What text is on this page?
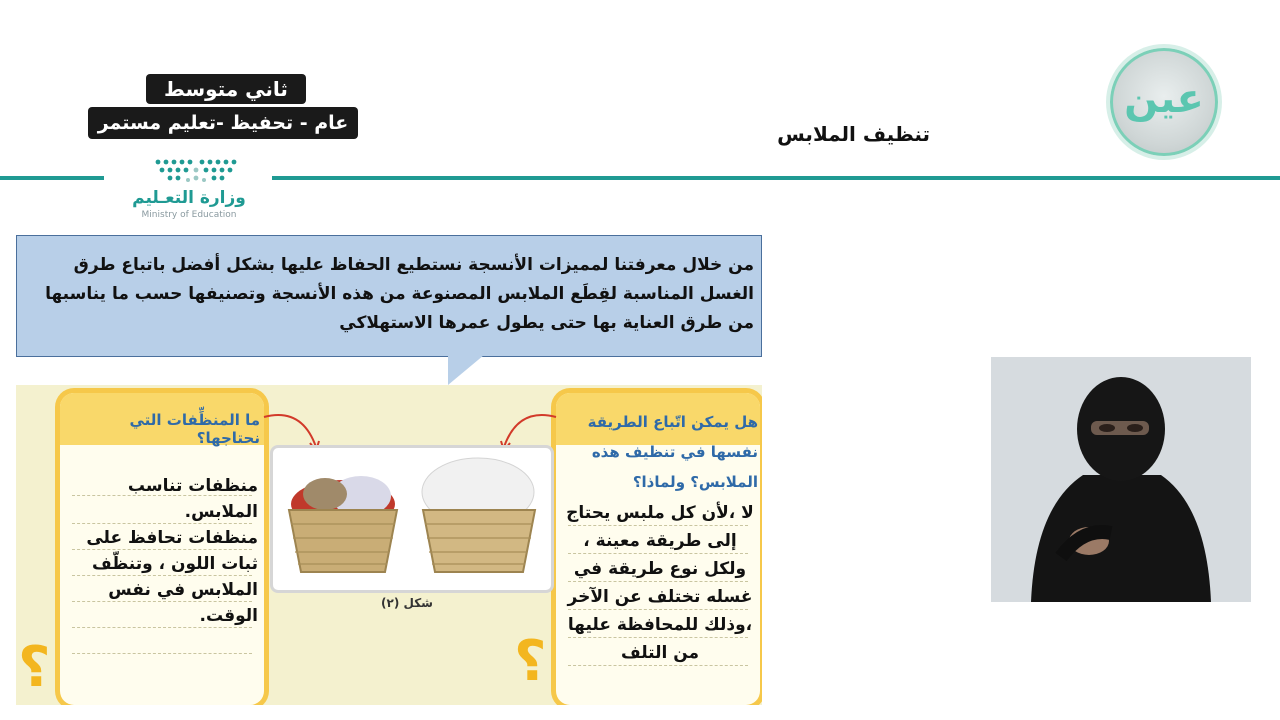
ثاني متوسط
عام - تحفيظ -تعليم مستمر
وزارة التعـليم
Ministry of Education
تنظيف الملابس
عين
من خلال معرفتنا لمميزات الأنسجة نستطيع الحفاظ عليها بشكل أفضل باتباع طرق الغسل المناسبة لقِطَع الملابس المصنوعة من هذه الأنسجة وتصنيفها حسب ما يناسبها من طرق العناية بها حتى يطول عمرها الاستهلاكي
ما المنظِّفات التي نحتاجها؟
هل يمكن اتّباع الطريقة نفسها في تنظيف هذه الملابس؟ ولماذا؟
منظفات تناسب الملابس.
منظفات تحافظ على ثبات اللون ، وتنظّف الملابس في نفس الوقت.
لا ،لأن كل ملبس يحتاج إلى طريقة معينة ، ولكل نوع طريقة في غسله تختلف عن الآخر ،وذلك للمحافظة عليها من التلف
شكل (٢)
؟	؟
